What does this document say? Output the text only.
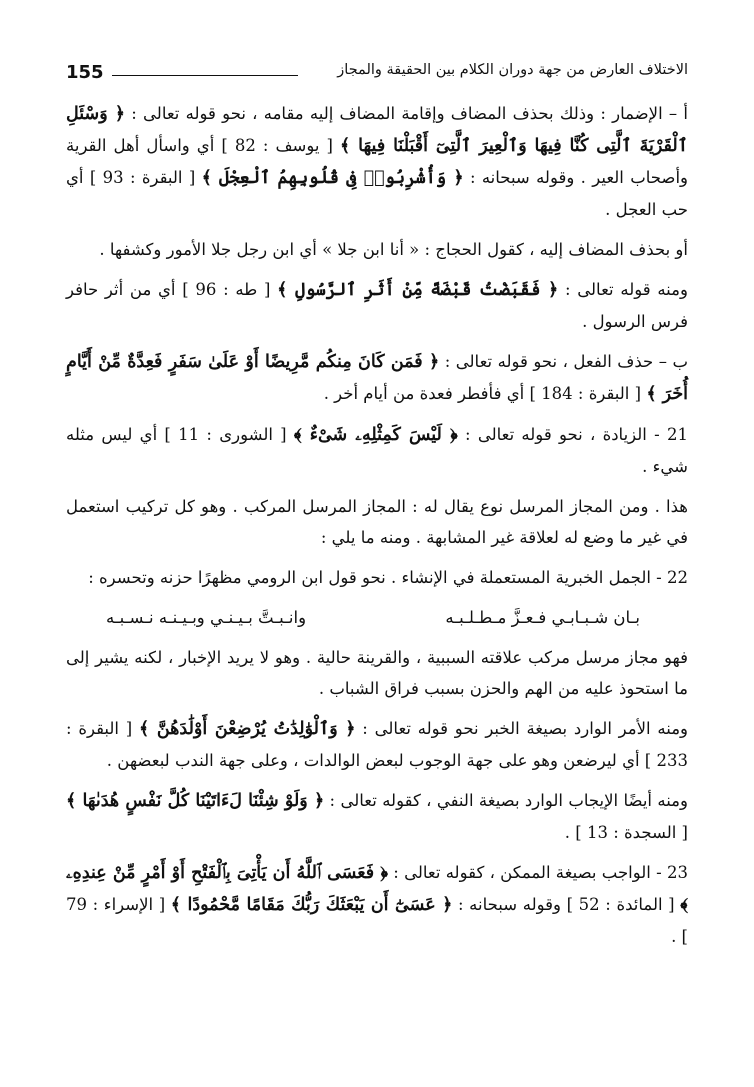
155	الاختلاف العارض من جهة دوران الكلام بين الحقيقة والمجاز

أ – الإضمار : وذلك بحذف المضاف وإقامة المضاف إليه مقامه ، نحو قوله تعالى : ﴿ وَسْئَلِ ٱلْقَرْيَةَ ٱلَّتِى كُنَّا فِيهَا وَٱلْعِيرَ ٱلَّتِىٓ أَقْبَلْنَا فِيهَا ﴾ [ يوسف : 82 ] أي واسأل أهل القرية وأصحاب العير . وقوله سبحانه : ﴿ وَأُشْرِبُوا۟ فِى قُلُوبِهِمُ ٱلْعِجْلَ ﴾ [ البقرة : 93 ] أي حب العجل .

أو بحذف المضاف إليه ، كقول الحجاج : « أنا ابن جلا » أي ابن رجل جلا الأمور وكشفها .

ومنه قوله تعالى : ﴿ فَقَبَضْتُ قَبْضَةً مِّنْ أَثَرِ ٱلرَّسُولِ ﴾ [ طه : 96 ] أي من أثر حافر فرس الرسول .

ب – حذف الفعل ، نحو قوله تعالى : ﴿ فَمَن كَانَ مِنكُم مَّرِيضًا أَوْ عَلَىٰ سَفَرٍ فَعِدَّةٌ مِّنْ أَيَّامٍ أُخَرَ ﴾ [ البقرة : 184 ] أي فأفطر فعدة من أيام أخر .

21 - الزيادة ، نحو قوله تعالى : ﴿ لَيْسَ كَمِثْلِهِۦ شَىْءٌ ﴾ [ الشورى : 11 ] أي ليس مثله شيء .

هذا . ومن المجاز المرسل نوع يقال له : المجاز المرسل المركب . وهو كل تركيب استعمل في غير ما وضع له لعلاقة غير المشابهة . ومنه ما يلي :

22 - الجمل الخبرية المستعملة في الإنشاء . نحو قول ابن الرومي مظهرًا حزنه وتحسره :

بـان شـبـابـي فـعـزَّ مـطـلـبـه
وانـبـتَّ بـيـنـي وبـيـنـه نـسـبـه

فهو مجاز مرسل مركب علاقته السببية ، والقرينة حالية . وهو لا يريد الإخبار ، لكنه يشير إلى ما استحوذ عليه من الهم والحزن بسبب فراق الشباب .

ومنه الأمر الوارد بصيغة الخبر نحو قوله تعالى : ﴿ وَٱلْوَٰلِدَٰتُ يُرْضِعْنَ أَوْلَٰدَهُنَّ ﴾ [ البقرة : 233 ] أي ليرضعن وهو على جهة الوجوب لبعض الوالدات ، وعلى جهة الندب لبعضهن .

ومنه أيضًا الإيجاب الوارد بصيغة النفي ، كقوله تعالى : ﴿ وَلَوْ شِئْنَا لَءَاتَيْنَا كُلَّ نَفْسٍ هُدَىٰهَا ﴾ [ السجدة : 13 ] .

23 - الواجب بصيغة الممكن ، كقوله تعالى : ﴿ فَعَسَى ٱللَّهُ أَن يَأْتِىَ بِٱلْفَتْحِ أَوْ أَمْرٍ مِّنْ عِندِهِۦ ﴾ [ المائدة : 52 ] وقوله سبحانه : ﴿ عَسَىٰٓ أَن يَبْعَثَكَ رَبُّكَ مَقَامًا مَّحْمُودًا ﴾ [ الإسراء : 79 ] .
